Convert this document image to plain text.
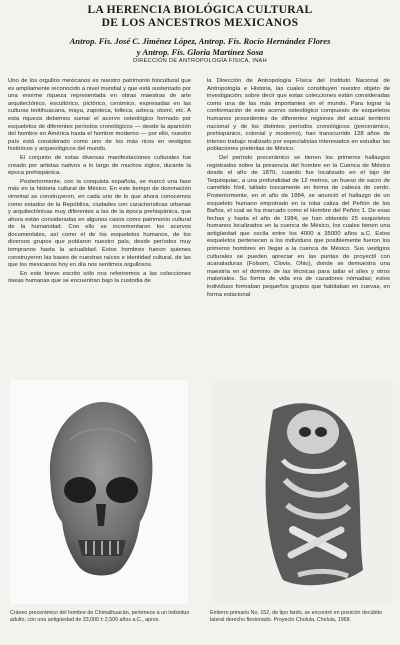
LA HERENCIA BIOLÓGICA CULTURAL
DE LOS ANCESTROS MEXICANOS
Antrop. Fís. José C. Jiménez López, Antrop. Fís. Rocío Hernández Flores
y Antrop. Fís. Gloria Martínez Sosa
DIRECCIÓN DE ANTROPOLOGÍA FÍSICA, INAH

Uno de los orgullos mexicanos es nuestro patrimonio biocultural que es ampliamente reconocido a nivel mundial y que está sustentado por una enorme riqueza representada en obras maestras de arte arquitectónico, escultórico, pictórico, cerámico, expresadas en las culturas teotihuacana, maya, zapoteca, tolteca, azteca, otomí, etc. A esta riqueza debemos sumar el acervo osteológico formado por esqueletos de diferentes períodos cronológicos — desde la aparición del hombre en América hasta el hombre moderno — por ello, nuestro país está considerado como uno de los más ricos en vestigios históricos y arqueológicos del mundo.

El conjunto de estas diversas manifestaciones culturales fue creado por artistas nativos a lo largo de muchos siglos, durante la época prehispánica.

Posteriormente, con la conquista española, se marcó una fase más en la historia cultural de México. En este tiempo de dominación virreinal se construyeron, en cada uno de lo que ahora conocemos como estados de la República, ciudades con características urbanas y arquitectónicas muy diferentes a las de la época prehispánica, que ahora están consideradas en algunos casos como patrimonio cultural de la humanidad. Con ello se incrementaron los acervos documentales, así como el de los esqueletos humanos, de los diversos grupos que poblaron nuestro país, desde períodos muy tempranos hasta la actualidad. Estos hombres fueron quienes construyeron las bases de nuestras raíces e identidad cultural, de las que los mexicanos hoy en día nos sentimos orgullosos.

En este breve escrito sólo nos referiremos a las colecciones óseas humanas que se encuentran bajo la custodia de

la Dirección de Antropología Física del Instituto Nacional de Antropología e Historia, las cuales constituyen nuestro objeto de investigación; sobre decir que estas colecciones están consideradas como una de las más importantes en el mundo. Para lograr la conformación de este acervo osteológico compuesto de esqueletos humanos procedentes de diferentes regiones del actual territorio nacional y de los distintos períodos cronológicos (precerámico, prehispánico, colonial y moderno), han transcurrido 128 años de intenso trabajo realizado por especialistas interesados en estudiar las poblaciones pretéritas de México.

Del período precerámico se tienen los primeros hallazgos registrados sobre la presencia del hombre en la Cuenca de México desde el año de 1870, cuando fue localizado en el tajo de Tequixquiac, a una profundidad de 12 metros, un hueso de sacro de camélido fósil, tallado toscamente en forma de cabeza de cerdo. Posteriormente, en el año de 1884, se anunció el hallazgo de un esqueleto humano empotrado en la toba caliza del Peñón de los Baños, el cual se ha marcado como el Hombre del Peñón 1. De esas fechas y hasta el año de 1984, se han obtenido 25 esqueletos humanos localizados en la cuenca de México, los cuales tienen una antigüedad que oscila entre los 4000 a 35000 años a.C. Estos esqueletos pertenecen a los individuos que posiblemente fueron los primeros hombres en llegar a la cuenca de México. Sus vestigios culturales se pueden apreciar en las puntas de proyectil con acanaladuras (Folsom, Clovis, Ohio), donde se demuestra una maestría en el dominio de las técnicas para tallar el sílex y otros materiales. Su forma de vida era de cazadores nómadas; estos individuos formaban pequeños grupos que habitaban en cuevas, en forma estacional

Cráneo precerámico del hombre de Chimalhuacán, pertenece a un individuo adulto, con una antigüedad de 33,000 ± 2,500 años a.C., aprox.
Entierro primario No. 152, de tipo fardo, se encontró en posición decúbito lateral derecho flexionado. Proyecto Cholula, Cholula, 1968.
